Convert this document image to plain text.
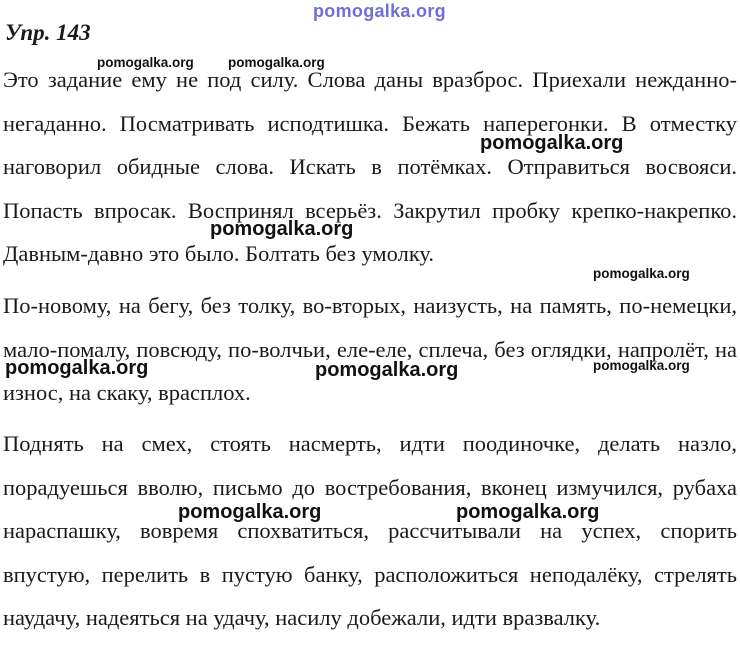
pomogalka.org
Упр. 143

Это задание ему не под силу. Слова даны вразброс. Приехали нежданно-негаданно. Посматривать исподтишка. Бежать наперегонки. В отместку наговорил обидные слова. Искать в потёмках. Отправиться восвояси. Попасть впросак. Воспринял всерьёз. Закрутил пробку крепко-накрепко. Давным-давно это было. Болтать без умолку.

По-новому, на бегу, без толку, во-вторых, наизусть, на память, по-немецки, мало-помалу, повсюду, по-волчьи, еле-еле, сплеча, без оглядки, напролёт, на износ, на скаку, врасплох.

Поднять на смех, стоять насмерть, идти поодиночке, делать назло, порадуешься вволю, письмо до востребования, вконец измучился, рубаха нараспашку, вовремя спохватиться, рассчитывали на успех, спорить впустую, перелить в пустую банку, расположиться неподалёку, стрелять наудачу, надеяться на удачу, насилу добежали, идти вразвалку.

pomogalka.org	pomogalka.org
pomogalka.org
pomogalka.org
pomogalka.org
pomogalka.org	pomogalka.org	pomogalka.org
pomogalka.org	pomogalka.org
